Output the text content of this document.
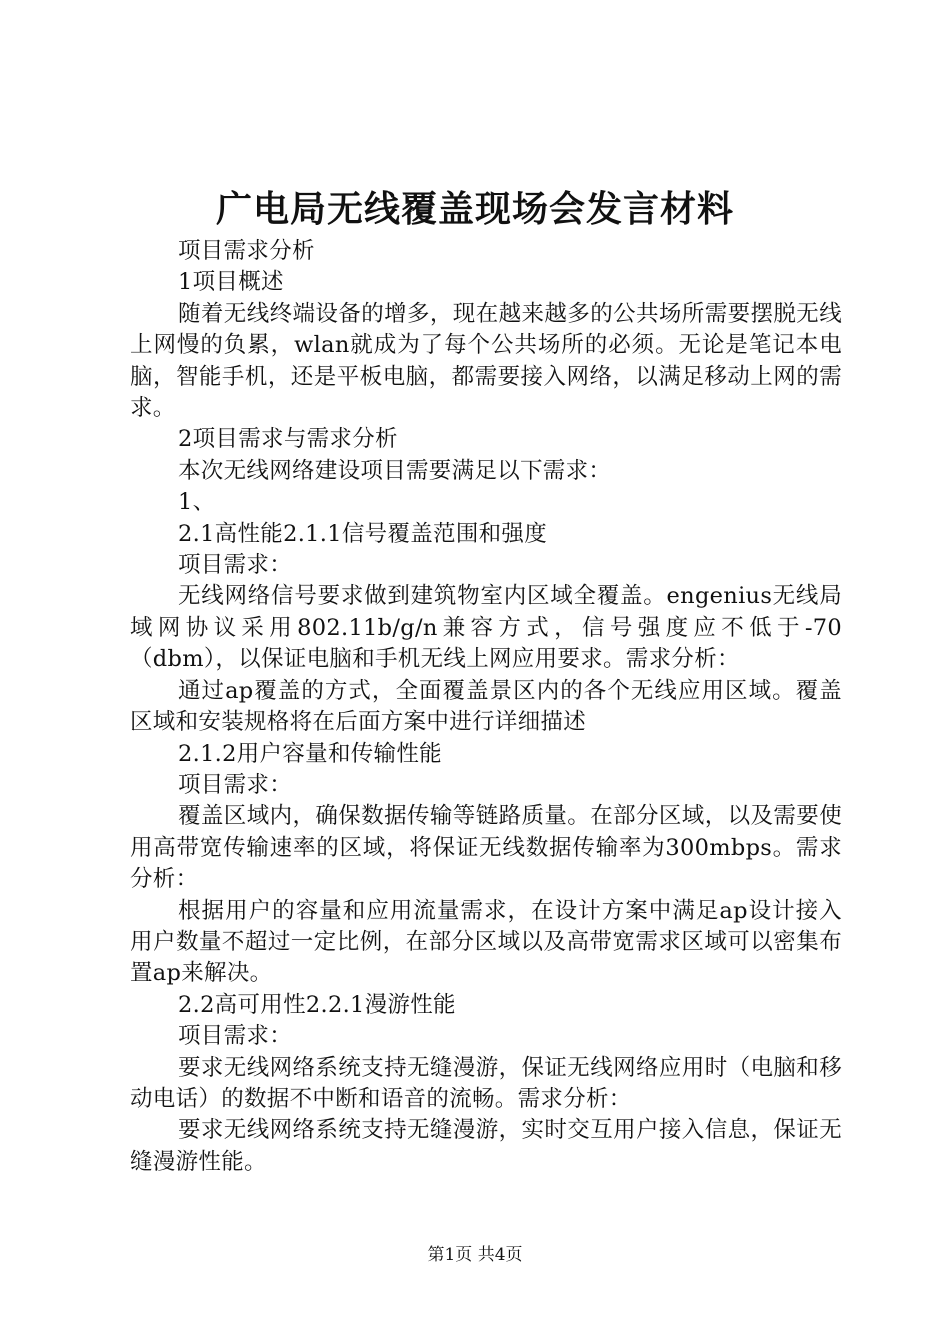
广电局无线覆盖现场会发言材料

项目需求分析

1项目概述

随着无线终端设备的增多，现在越来越多的公共场所需要摆脱无线上网慢的负累，wlan就成为了每个公共场所的必须。无论是笔记本电脑，智能手机，还是平板电脑，都需要接入网络，以满足移动上网的需求。

2项目需求与需求分析

本次无线网络建设项目需要满足以下需求：

1、

2.1高性能2.1.1信号覆盖范围和强度

项目需求：

无线网络信号要求做到建筑物室内区域全覆盖。engenius无线局域网协议采用802.11b/g/n兼容方式，信号强度应不低于-70（dbm），以保证电脑和手机无线上网应用要求。需求分析：

通过ap覆盖的方式，全面覆盖景区内的各个无线应用区域。覆盖区域和安装规格将在后面方案中进行详细描述

2.1.2用户容量和传输性能

项目需求：

覆盖区域内，确保数据传输等链路质量。在部分区域，以及需要使用高带宽传输速率的区域，将保证无线数据传输率为300mbps。需求分析：

根据用户的容量和应用流量需求，在设计方案中满足ap设计接入用户数量不超过一定比例，在部分区域以及高带宽需求区域可以密集布置ap来解决。

2.2高可用性2.2.1漫游性能

项目需求：

要求无线网络系统支持无缝漫游，保证无线网络应用时（电脑和移动电话）的数据不中断和语音的流畅。需求分析：

要求无线网络系统支持无缝漫游，实时交互用户接入信息，保证无缝漫游性能。

第1页 共4页
